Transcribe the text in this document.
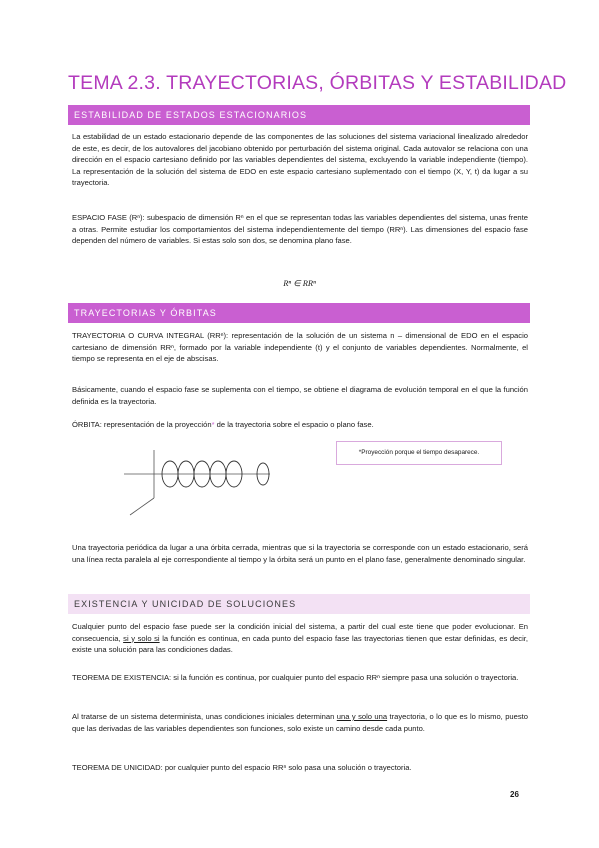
TEMA 2.3. TRAYECTORIAS, ÓRBITAS Y ESTABILIDAD
ESTABILIDAD DE ESTADOS ESTACIONARIOS

La estabilidad de un estado estacionario depende de las componentes de las soluciones del sistema variacional linealizado alrededor de este, es decir, de los autovalores del jacobiano obtenido por perturbación del sistema original. Cada autovalor se relaciona con una dirección en el espacio cartesiano definido por las variables dependientes del sistema, excluyendo la variable independiente (tiempo). La representación de la solución del sistema de EDO en este espacio cartesiano suplementado con el tiempo (X, Y, t) da lugar a su trayectoria.

ESPACIO FASE (Rⁿ): subespacio de dimensión Rⁿ en el que se representan todas las variables dependientes del sistema, unas frente a otras. Permite estudiar los comportamientos del sistema independientemente del tiempo (RRⁿ). Las dimensiones del espacio fase dependen del número de variables. Si estas solo son dos, se denomina plano fase.

Rⁿ ∈ RRⁿ
TRAYECTORIAS Y ÓRBITAS

TRAYECTORIA O CURVA INTEGRAL (RRⁿ): representación de la solución de un sistema n – dimensional de EDO en el espacio cartesiano de dimensión RRⁿ, formado por la variable independiente (t) y el conjunto de variables dependientes. Normalmente, el tiempo se representa en el eje de abscisas.

Básicamente, cuando el espacio fase se suplementa con el tiempo, se obtiene el diagrama de evolución temporal en el que la función definida es la trayectoria.

ÓRBITA: representación de la proyección* de la trayectoria sobre el espacio o plano fase.

*Proyección porque el tiempo desaparece.

Una trayectoria periódica da lugar a una órbita cerrada, mientras que si la trayectoria se corresponde con un estado estacionario, será una línea recta paralela al eje correspondiente al tiempo y la órbita será un punto en el plano fase, generalmente denominado singular.

EXISTENCIA Y UNICIDAD DE SOLUCIONES

Cualquier punto del espacio fase puede ser la condición inicial del sistema, a partir del cual este tiene que poder evolucionar. En consecuencia, si y solo si la función es continua, en cada punto del espacio fase las trayectorias tienen que estar definidas, es decir, existe una solución para las condiciones dadas.

TEOREMA DE EXISTENCIA: si la función es continua, por cualquier punto del espacio RRⁿ siempre pasa una solución o trayectoria.

Al tratarse de un sistema determinista, unas condiciones iniciales determinan una y solo una trayectoria, o lo que es lo mismo, puesto que las derivadas de las variables dependientes son funciones, solo existe un camino desde cada punto.

TEOREMA DE UNICIDAD: por cualquier punto del espacio RRⁿ solo pasa una solución o trayectoria.

26
